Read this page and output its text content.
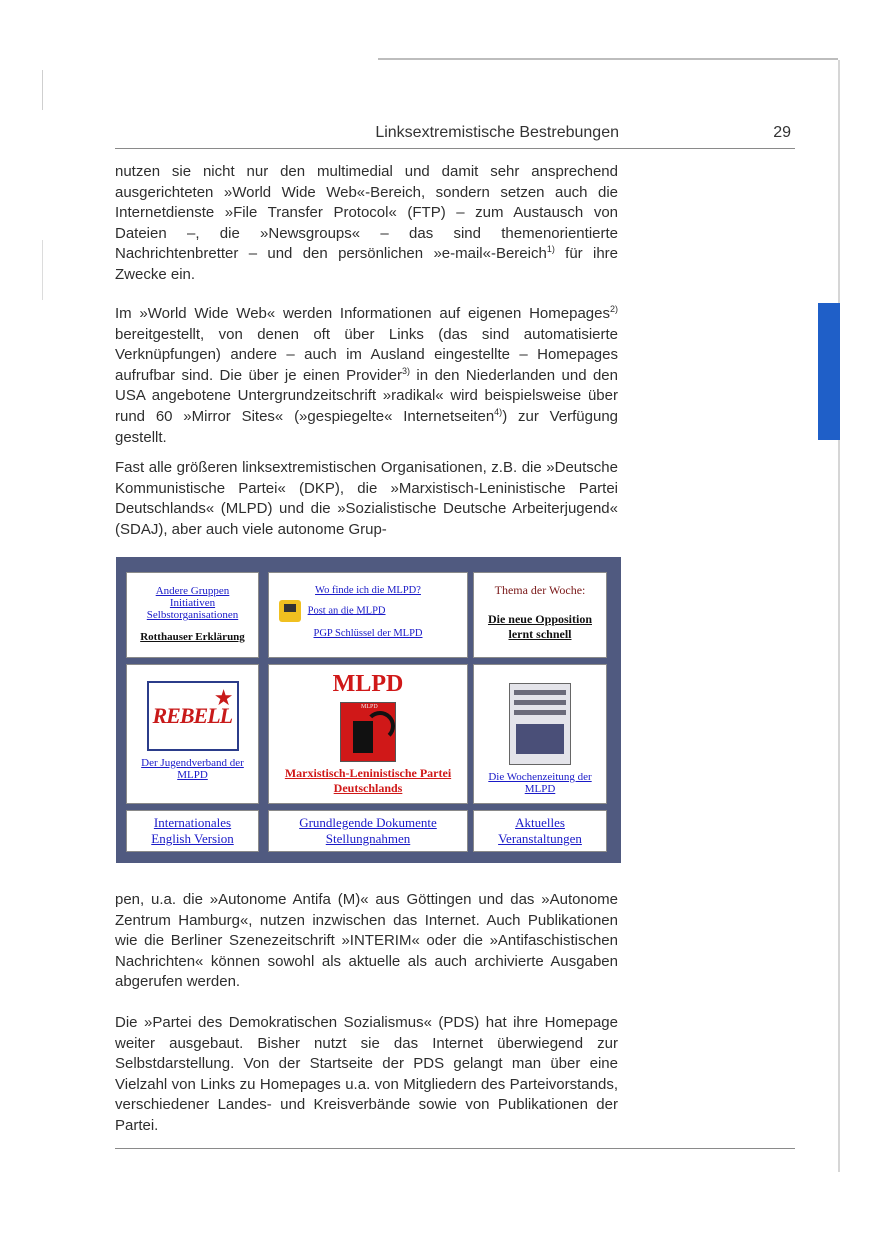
Linksextremistische Bestrebungen	29

nutzen sie nicht nur den multimedial und damit sehr ansprechend ausgerichteten »World Wide Web«-Bereich, sondern setzen auch die Internetdienste »File Transfer Protocol« (FTP) – zum Austausch von Dateien –, die »Newsgroups« – das sind themenorientierte Nachrichtenbretter – und den persönlichen »e-mail«-Bereich$^{1)}$ für ihre Zwecke ein.

Im »World Wide Web« werden Informationen auf eigenen Homepages$^{2)}$ bereitgestellt, von denen oft über Links (das sind automatisierte Verknüpfungen) andere – auch im Ausland eingestellte – Homepages aufrufbar sind. Die über je einen Provider$^{3)}$ in den Niederlanden und den USA angebotene Untergrundzeitschrift »radikal« wird beispielsweise über rund 60 »Mirror Sites« (»gespiegelte« Internetseiten$^{4)}$) zur Verfügung gestellt.

Fast alle größeren linksextremistischen Organisationen, z.B. die »Deutsche Kommunistische Partei« (DKP), die »Marxistisch-Leninistische Partei Deutschlands« (MLPD) und die »Sozialistische Deutsche Arbeiterjugend« (SDAJ), aber auch viele autonome Grup-

Andere Gruppen
Initiativen
Selbstorganisationen
Rotthauser Erklärung
Wo finde ich die MLPD?
Post an die MLPD
PGP Schlüssel der MLPD
Thema der Woche:
Die neue Opposition
lernt schnell
REBELL
★
Der Jugendverband der
MLPD
MLPD
MLPD
Marxistisch-Leninistische Partei
Deutschlands
Die Wochenzeitung der
MLPD
Internationales
English Version
Grundlegende Dokumente
Stellungnahmen
Aktuelles
Veranstaltungen

pen, u.a. die »Autonome Antifa (M)« aus Göttingen und das »Autonome Zentrum Hamburg«, nutzen inzwischen das Internet. Auch Publikationen wie die Berliner Szenezeitschrift »INTERIM« oder die »Antifaschistischen Nachrichten« können sowohl als aktuelle als auch archivierte Ausgaben abgerufen werden.

Die »Partei des Demokratischen Sozialismus« (PDS) hat ihre Homepage weiter ausgebaut. Bisher nutzt sie das Internet überwiegend zur Selbstdarstellung. Von der Startseite der PDS gelangt man über eine Vielzahl von Links zu Homepages u.a. von Mitgliedern des Parteivorstands, verschiedener Landes- und Kreisverbände sowie von Publikationen der Partei.
